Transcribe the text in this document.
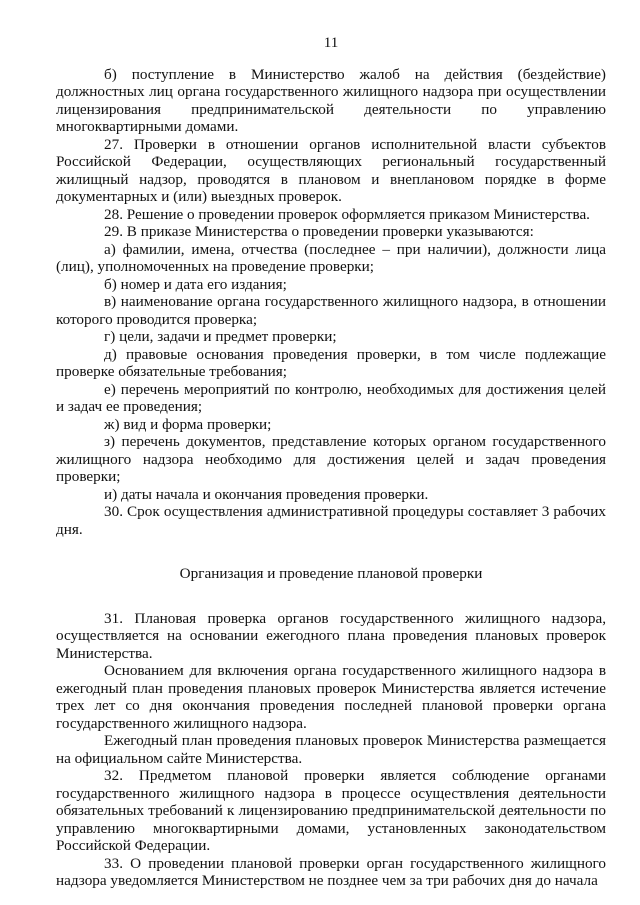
11

б) поступление в Министерство жалоб на действия (бездействие) должностных лиц органа государственного жилищного надзора при осуществлении лицензирования предпринимательской деятельности по управлению многоквартирными домами.

27. Проверки в отношении органов исполнительной власти субъектов Российской Федерации, осуществляющих региональный государственный жилищный надзор, проводятся в плановом и внеплановом порядке в форме документарных и (или) выездных проверок.

28. Решение о проведении проверок оформляется приказом Министерства.

29. В приказе Министерства о проведении проверки указываются:

а) фамилии, имена, отчества (последнее – при наличии), должности лица (лиц), уполномоченных на проведение проверки;

б) номер и дата его издания;

в) наименование органа государственного жилищного надзора, в отношении которого проводится проверка;

г) цели, задачи и предмет проверки;

д) правовые основания проведения проверки, в том числе подлежащие проверке обязательные требования;

е) перечень мероприятий по контролю, необходимых для достижения целей и задач ее проведения;

ж) вид и форма проверки;

з) перечень документов, представление которых органом государственного жилищного надзора необходимо для достижения целей и задач проведения проверки;

и) даты начала и окончания проведения проверки.

30. Срок осуществления административной процедуры составляет 3 рабочих дня.

Организация и проведение плановой проверки

31. Плановая проверка органов государственного жилищного надзора, осуществляется на основании ежегодного плана проведения плановых проверок Министерства.

Основанием для включения органа государственного жилищного надзора в ежегодный план проведения плановых проверок Министерства является истечение трех лет со дня окончания проведения последней плановой проверки органа государственного жилищного надзора.

Ежегодный план проведения плановых проверок Министерства размещается на официальном сайте Министерства.

32. Предметом плановой проверки является соблюдение органами государственного жилищного надзора в процессе осуществления деятельности обязательных требований к лицензированию предпринимательской деятельности по управлению многоквартирными домами, установленных законодательством Российской Федерации.

33. О проведении плановой проверки орган государственного жилищного надзора уведомляется Министерством не позднее чем за три рабочих дня до начала
